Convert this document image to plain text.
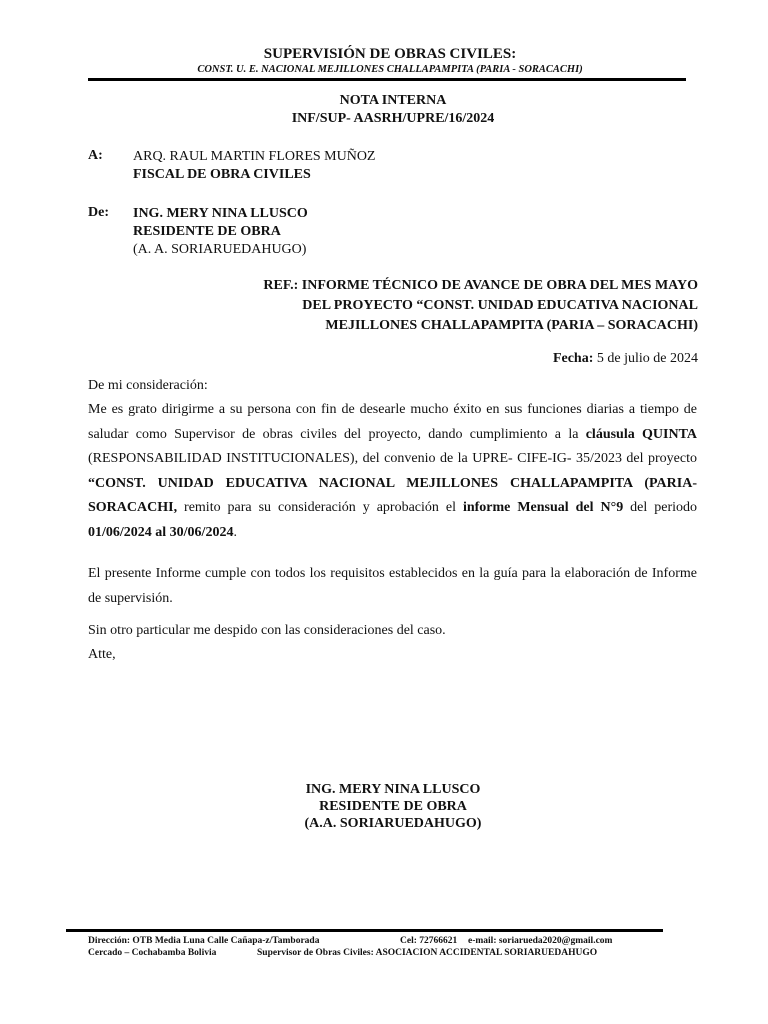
SUPERVISIÓN DE OBRAS CIVILES:
CONST. U. E. NACIONAL MEJILLONES CHALLAPAMPITA (PARIA - SORACACHI)
NOTA INTERNA
INF/SUP- AASRH/UPRE/16/2024
A: ARQ. RAUL MARTIN FLORES MUÑOZ
FISCAL DE OBRA CIVILES
De: ING. MERY NINA LLUSCO
RESIDENTE DE OBRA
(A. A. SORIARUEDAHUGO)
REF.: INFORME TÉCNICO DE AVANCE DE OBRA DEL MES MAYO
DEL PROYECTO “CONST. UNIDAD EDUCATIVA NACIONAL
MEJILLONES CHALLAPAMPITA (PARIA – SORACACHI)
Fecha: 5 de julio de 2024
De mi consideración:
Me es grato dirigirme a su persona con fin de desearle mucho éxito en sus funciones diarias a tiempo de saludar como Supervisor de obras civiles del proyecto, dando cumplimiento a la cláusula QUINTA (RESPONSABILIDAD INSTITUCIONALES), del convenio de la UPRE- CIFE-IG- 35/2023 del proyecto “CONST. UNIDAD EDUCATIVA NACIONAL MEJILLONES CHALLAPAMPITA (PARIA-SORACACHI, remito para su consideración y aprobación el informe Mensual del N°9 del periodo 01/06/2024 al 30/06/2024.
El presente Informe cumple con todos los requisitos establecidos en la guía para la elaboración de Informe de supervisión.
Sin otro particular me despido con las consideraciones del caso.
Atte,
ING. MERY NINA LLUSCO
RESIDENTE DE OBRA
(A.A. SORIARUEDAHUGO)
Dirección: OTB Media Luna Calle Cañapa-z/Tamborada	Cel: 72766621 e-mail: soriarueda2020@gmail.com
Cercado – Cochabamba Bolivia	Supervisor de Obras Civiles: ASOCIACION ACCIDENTAL SORIARUEDAHUGO
